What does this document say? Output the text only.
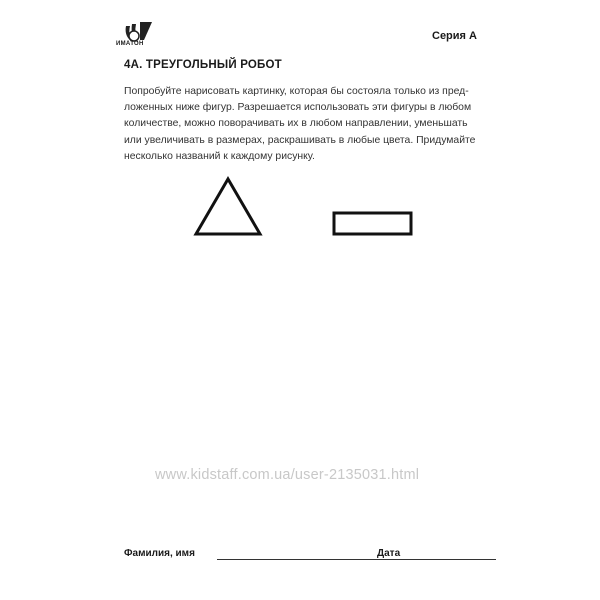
ИМАТОН
Серия А
4А. ТРЕУГОЛЬНЫЙ РОБОТ
Попробуйте нарисовать картинку, которая бы состояла только из пред-
ложенных ниже фигур. Разрешается использовать эти фигуры в любом
количестве, можно поворачивать их в любом направлении, уменьшать
или увеличивать в размерах, раскрашивать в любые цвета. Придумайте
несколько названий к каждому рисунку.
www.kidstaff.com.ua/user-2135031.html
Фамилия, имя	Дата
